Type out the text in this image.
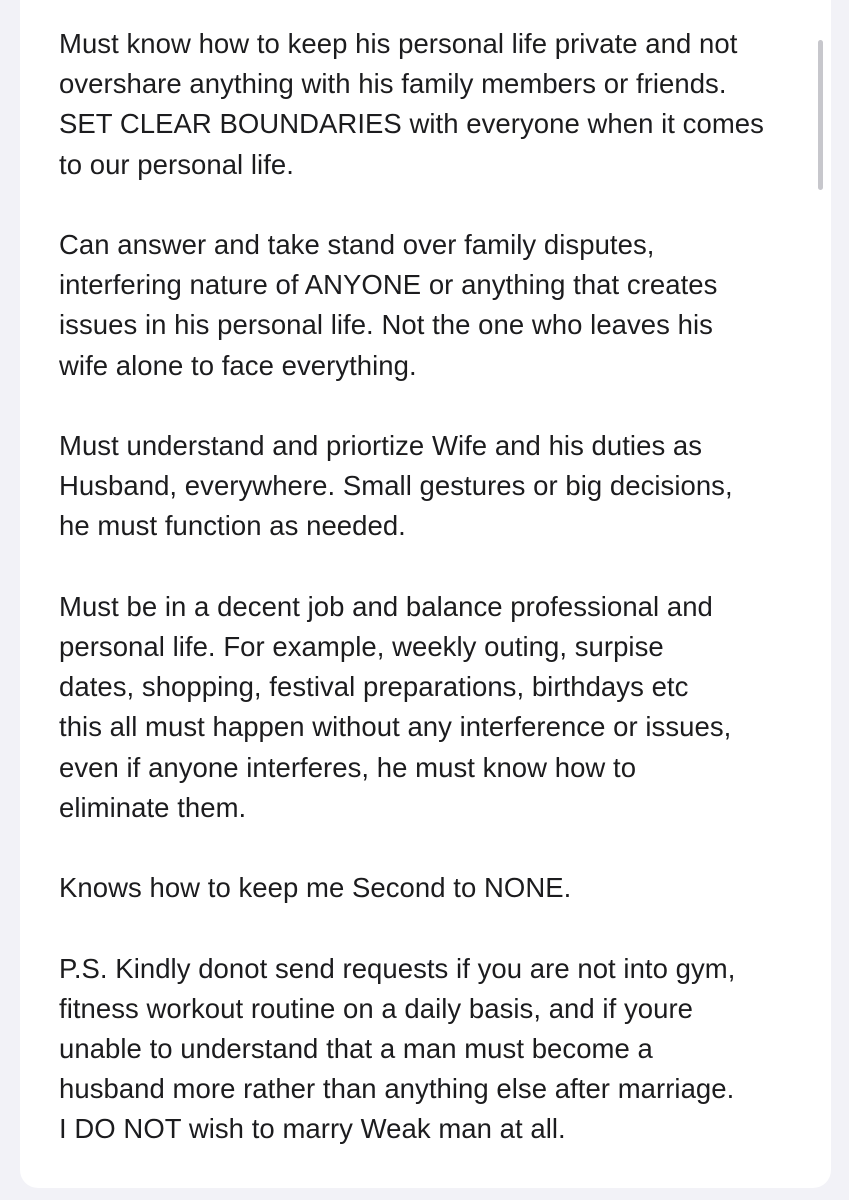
Must know how to keep his personal life private and not
overshare anything with his family members or friends.
SET CLEAR BOUNDARIES with everyone when it comes
to our personal life.

Can answer and take stand over family disputes,
interfering nature of ANYONE or anything that creates
issues in his personal life. Not the one who leaves his
wife alone to face everything.

Must understand and priortize Wife and his duties as
Husband, everywhere. Small gestures or big decisions,
he must function as needed.

Must be in a decent job and balance professional and
personal life. For example, weekly outing, surpise
dates, shopping, festival preparations, birthdays etc
this all must happen without any interference or issues,
even if anyone interferes, he must know how to
eliminate them.

Knows how to keep me Second to NONE.

P.S. Kindly donot send requests if you are not into gym,
fitness workout routine on a daily basis, and if youre
unable to understand that a man must become a
husband more rather than anything else after marriage.
I DO NOT wish to marry Weak man at all.
